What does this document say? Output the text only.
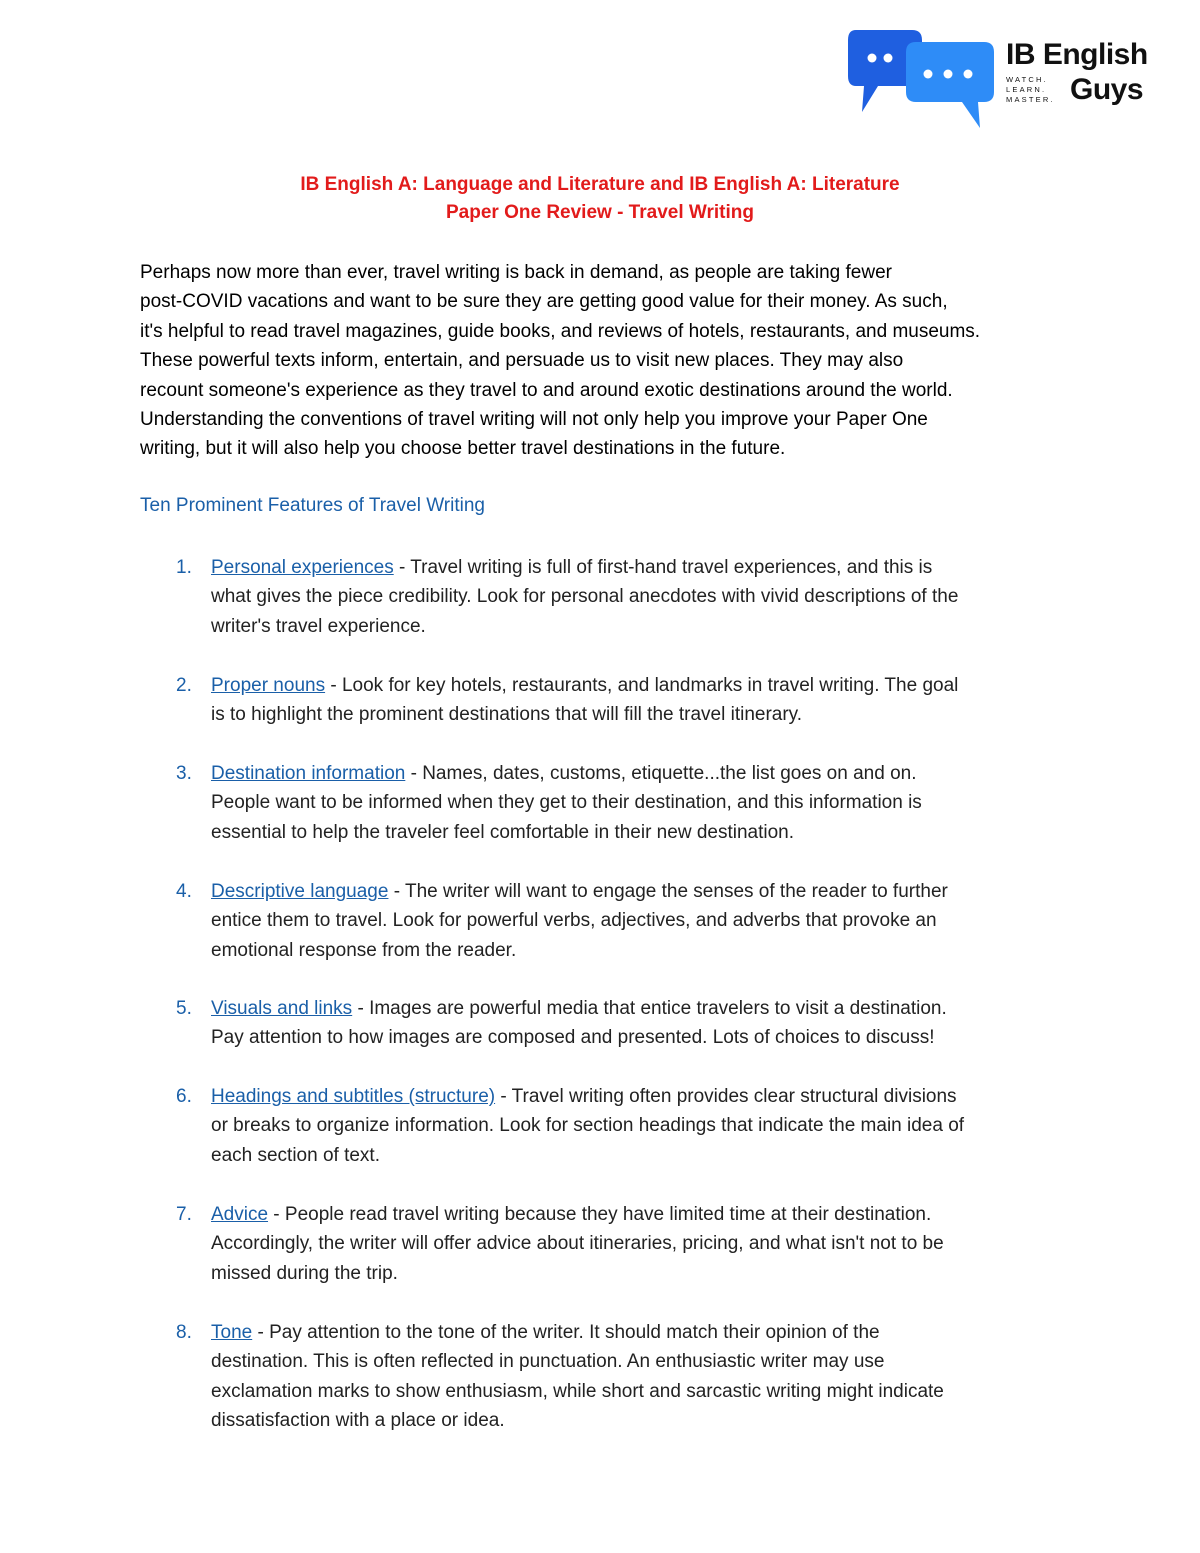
IB English
WATCH.
LEARN.
MASTER. Guys
IB English A: Language and Literature and IB English A: Literature
Paper One Review - Travel Writing

Perhaps now more than ever, travel writing is back in demand, as people are taking fewer
post-COVID vacations and want to be sure they are getting good value for their money. As such,
it's helpful to read travel magazines, guide books, and reviews of hotels, restaurants, and museums.
These powerful texts inform, entertain, and persuade us to visit new places. They may also
recount someone's experience as they travel to and around exotic destinations around the world.
Understanding the conventions of travel writing will not only help you improve your Paper One
writing, but it will also help you choose better travel destinations in the future.

Ten Prominent Features of Travel Writing
1.	Personal experiences - Travel writing is full of first-hand travel experiences, and this is
what gives the piece credibility. Look for personal anecdotes with vivid descriptions of the
writer's travel experience.
2.	Proper nouns - Look for key hotels, restaurants, and landmarks in travel writing. The goal
is to highlight the prominent destinations that will fill the travel itinerary.
3.	Destination information - Names, dates, customs, etiquette...the list goes on and on.
People want to be informed when they get to their destination, and this information is
essential to help the traveler feel comfortable in their new destination.
4.	Descriptive language - The writer will want to engage the senses of the reader to further
entice them to travel. Look for powerful verbs, adjectives, and adverbs that provoke an
emotional response from the reader.
5.	Visuals and links - Images are powerful media that entice travelers to visit a destination.
Pay attention to how images are composed and presented. Lots of choices to discuss!
6.	Headings and subtitles (structure) - Travel writing often provides clear structural divisions
or breaks to organize information. Look for section headings that indicate the main idea of
each section of text.
7.	Advice - People read travel writing because they have limited time at their destination.
Accordingly, the writer will offer advice about itineraries, pricing, and what isn't not to be
missed during the trip.
8.	Tone - Pay attention to the tone of the writer. It should match their opinion of the
destination. This is often reflected in punctuation. An enthusiastic writer may use
exclamation marks to show enthusiasm, while short and sarcastic writing might indicate
dissatisfaction with a place or idea.
